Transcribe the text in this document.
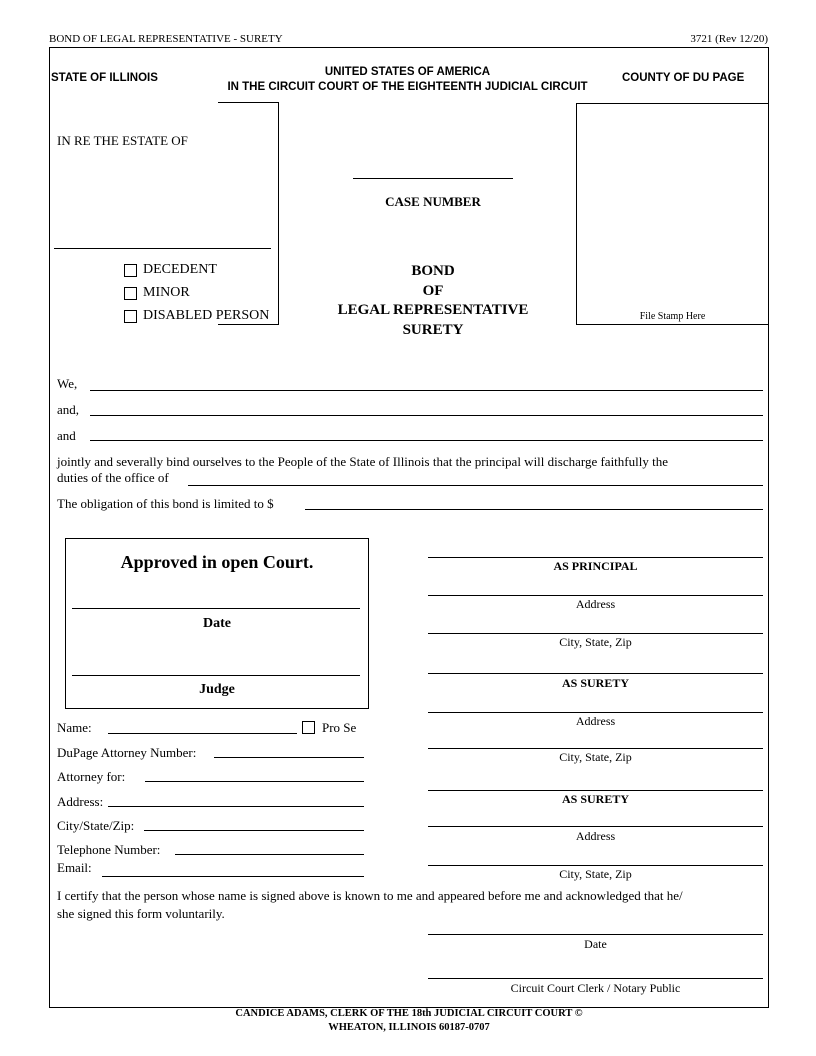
BOND OF LEGAL REPRESENTATIVE - SURETY	3721 (Rev 12/20)
STATE OF ILLINOIS	UNITED STATES OF AMERICA
IN THE CIRCUIT COURT OF THE EIGHTEENTH JUDICIAL CIRCUIT
COUNTY OF DU PAGE
IN RE THE ESTATE OF
DECEDENT
MINOR
DISABLED PERSON
CASE NUMBER
BOND
OF
LEGAL REPRESENTATIVE
SURETY
File Stamp Here
We,
and,
and
jointly and severally bind ourselves to the People of the State of Illinois that the principal will discharge faithfully the
duties of the office of
The obligation of this bond is limited to $
Approved in open Court.
Date
Judge
AS PRINCIPAL
Address
City, State, Zip
AS SURETY
Address
City, State, Zip
AS SURETY
Address
City, State, Zip
Name:	Pro Se
DuPage Attorney Number:
Attorney for:
Address:
City/State/Zip:
Telephone Number:
Email:
I certify that the person whose name is signed above is known to me and appeared before me and acknowledged that he/
she signed this form voluntarily.
Date
Circuit Court Clerk / Notary Public
CANDICE ADAMS, CLERK OF THE 18th JUDICIAL CIRCUIT COURT ©
WHEATON, ILLINOIS 60187-0707
